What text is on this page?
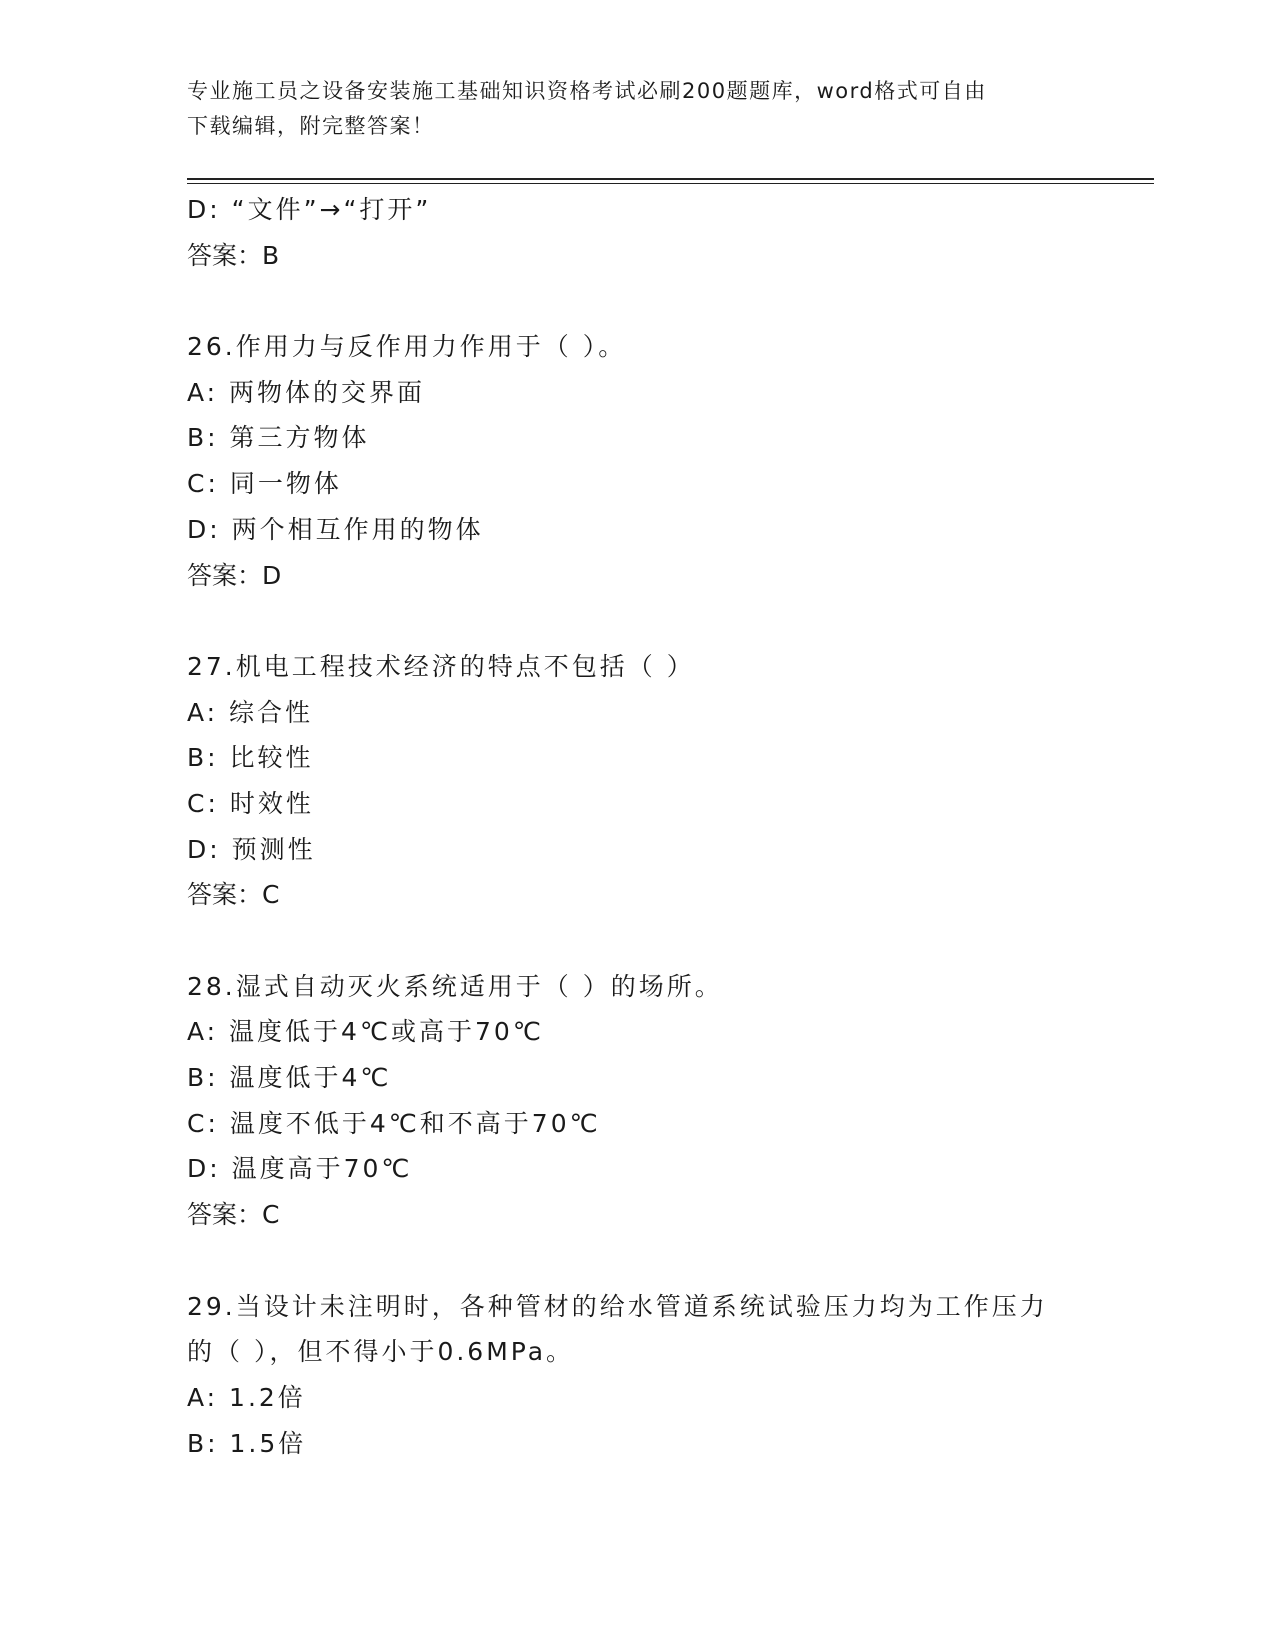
专业施工员之设备安装施工基础知识资格考试必刷200题题库，word格式可自由
下载编辑，附完整答案！
D: “文件”→“打开”
答案：B
26.作用力与反作用力作用于（ ）。
A: 两物体的交界面
B: 第三方物体
C: 同一物体
D: 两个相互作用的物体
答案：D
27.机电工程技术经济的特点不包括（ ）
A: 综合性
B: 比较性
C: 时效性
D: 预测性
答案：C
28.湿式自动灭火系统适用于（ ）的场所。
A: 温度低于4℃或高于70℃
B: 温度低于4℃
C: 温度不低于4℃和不高于70℃
D: 温度高于70℃
答案：C
29.当设计未注明时，各种管材的给水管道系统试验压力均为工作压力
的（ ），但不得小于0.6MPa。
A: 1.2倍
B: 1.5倍
